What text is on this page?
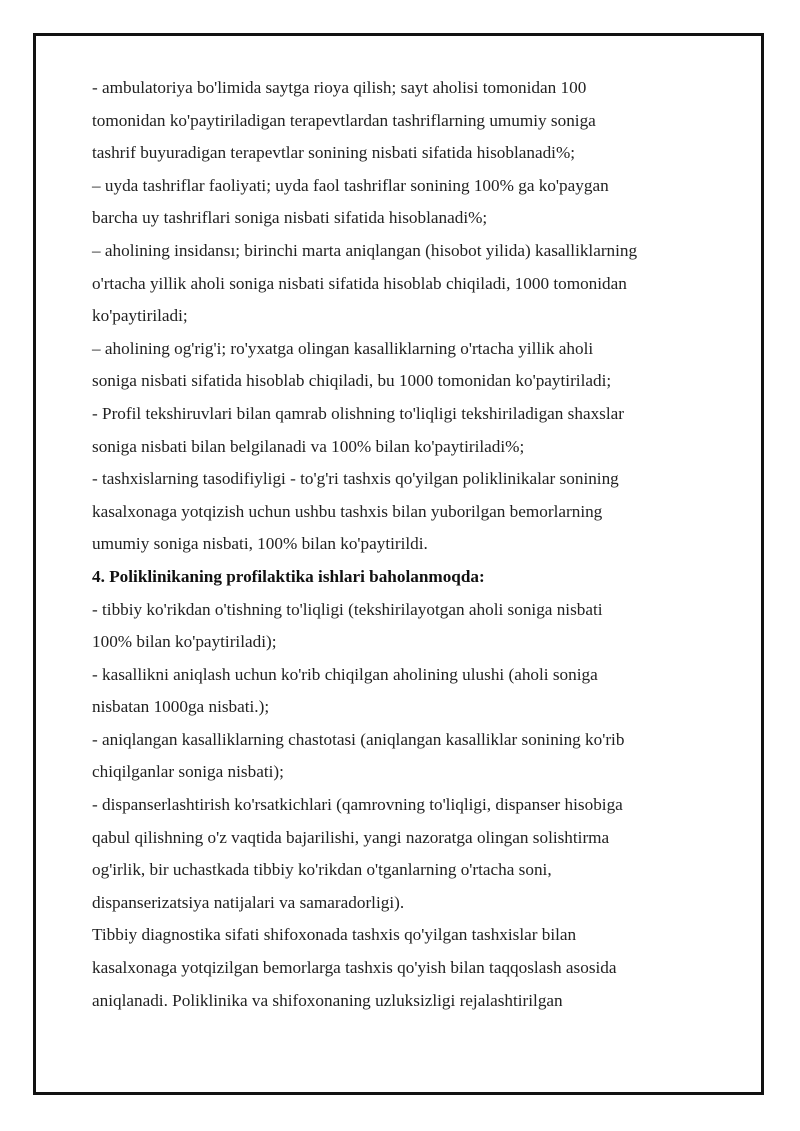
- ambulatoriya bo'limida saytga rioya qilish; sayt aholisi tomonidan 100
tomonidan ko'paytiriladigan terapevtlardan tashriflarning umumiy soniga
tashrif buyuradigan terapevtlar sonining nisbati sifatida hisoblanadi%;
– uyda tashriflar faoliyati; uyda faol tashriflar sonining 100% ga ko'paygan
barcha uy tashriflari soniga nisbati sifatida hisoblanadi%;
– aholining insidansı; birinchi marta aniqlangan (hisobot yilida) kasalliklarning
o'rtacha yillik aholi soniga nisbati sifatida hisoblab chiqiladi, 1000 tomonidan
ko'paytiriladi;
– aholining og'rig'i; ro'yxatga olingan kasalliklarning o'rtacha yillik aholi
soniga nisbati sifatida hisoblab chiqiladi, bu 1000 tomonidan ko'paytiriladi;
- Profil tekshiruvlari bilan qamrab olishning to'liqligi tekshiriladigan shaxslar
soniga nisbati bilan belgilanadi va 100% bilan ko'paytiriladi%;
- tashxislarning tasodifiyligi - to'g'ri tashxis qo'yilgan poliklinikalar sonining
kasalxonaga yotqizish uchun ushbu tashxis bilan yuborilgan bemorlarning
umumiy soniga nisbati, 100% bilan ko'paytirildi.
4. Poliklinikaning profilaktika ishlari baholanmoqda:
- tibbiy ko'rikdan o'tishning to'liqligi (tekshirilayotgan aholi soniga nisbati
100% bilan ko'paytiriladi);
- kasallikni aniqlash uchun ko'rib chiqilgan aholining ulushi (aholi soniga
nisbatan 1000ga nisbati.);
- aniqlangan kasalliklarning chastotasi (aniqlangan kasalliklar sonining ko'rib
chiqilganlar soniga nisbati);
- dispanserlashtirish ko'rsatkichlari (qamrovning to'liqligi, dispanser hisobiga
qabul qilishning o'z vaqtida bajarilishi, yangi nazoratga olingan solishtirma
og'irlik, bir uchastkada tibbiy ko'rikdan o'tganlarning o'rtacha soni,
dispanserizatsiya natijalari va samaradorligi).
Tibbiy diagnostika sifati shifoxonada tashxis qo'yilgan tashxislar bilan
kasalxonaga yotqizilgan bemorlarga tashxis qo'yish bilan taqqoslash asosida
aniqlanadi. Poliklinika va shifoxonaning uzluksizligi rejalashtirilgan
